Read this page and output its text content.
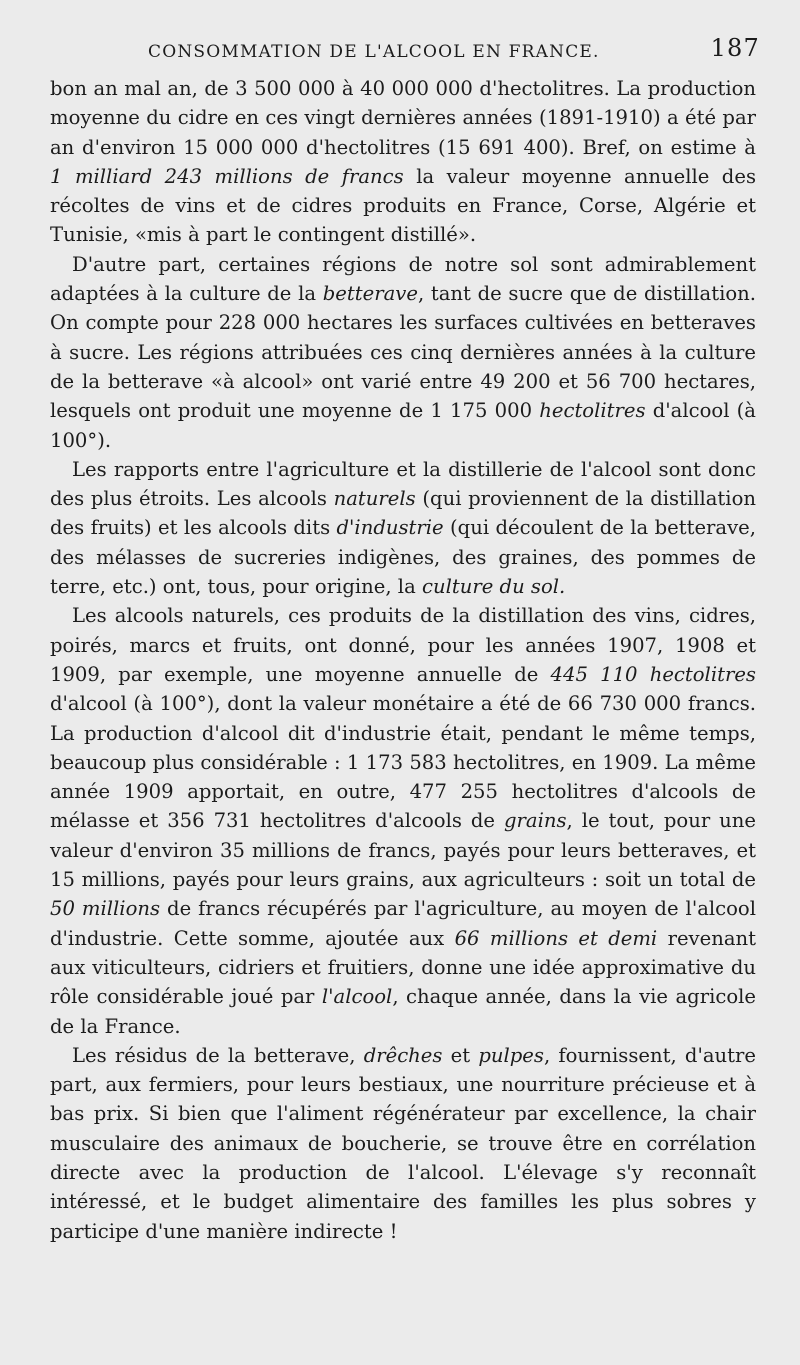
CONSOMMATION DE L'ALCOOL EN FRANCE.	187

bon an mal an, de 3 500 000 à 40 000 000 d'hectolitres. La production moyenne du cidre en ces vingt dernières années (1891-1910) a été par an d'environ 15 000 000 d'hectolitres (15 691 400). Bref, on estime à 1 milliard 243 millions de francs la valeur moyenne annuelle des récoltes de vins et de cidres produits en France, Corse, Algérie et Tunisie, «mis à part le contingent distillé».

D'autre part, certaines régions de notre sol sont admirablement adaptées à la culture de la betterave, tant de sucre que de distillation. On compte pour 228 000 hectares les surfaces cultivées en betteraves à sucre. Les régions attribuées ces cinq dernières années à la culture de la betterave «à alcool» ont varié entre 49 200 et 56 700 hectares, lesquels ont produit une moyenne de 1 175 000 hectolitres d'alcool (à 100°).

Les rapports entre l'agriculture et la distillerie de l'alcool sont donc des plus étroits. Les alcools naturels (qui proviennent de la distillation des fruits) et les alcools dits d'industrie (qui découlent de la betterave, des mélasses de sucreries indigènes, des graines, des pommes de terre, etc.) ont, tous, pour origine, la culture du sol.

Les alcools naturels, ces produits de la distillation des vins, cidres, poirés, marcs et fruits, ont donné, pour les années 1907, 1908 et 1909, par exemple, une moyenne annuelle de 445 110 hectolitres d'alcool (à 100°), dont la valeur monétaire a été de 66 730 000 francs. La production d'alcool dit d'industrie était, pendant le même temps, beaucoup plus considérable : 1 173 583 hectolitres, en 1909. La même année 1909 apportait, en outre, 477 255 hectolitres d'alcools de mélasse et 356 731 hectolitres d'alcools de grains, le tout, pour une valeur d'environ 35 millions de francs, payés pour leurs betteraves, et 15 millions, payés pour leurs grains, aux agriculteurs : soit un total de 50 millions de francs récupérés par l'agriculture, au moyen de l'alcool d'industrie. Cette somme, ajoutée aux 66 millions et demi revenant aux viticulteurs, cidriers et fruitiers, donne une idée approximative du rôle considérable joué par l'alcool, chaque année, dans la vie agricole de la France.

Les résidus de la betterave, drêches et pulpes, fournissent, d'autre part, aux fermiers, pour leurs bestiaux, une nourriture précieuse et à bas prix. Si bien que l'aliment régénérateur par excellence, la chair musculaire des animaux de boucherie, se trouve être en corrélation directe avec la production de l'alcool. L'élevage s'y reconnaît intéressé, et le budget alimentaire des familles les plus sobres y participe d'une manière indirecte !
